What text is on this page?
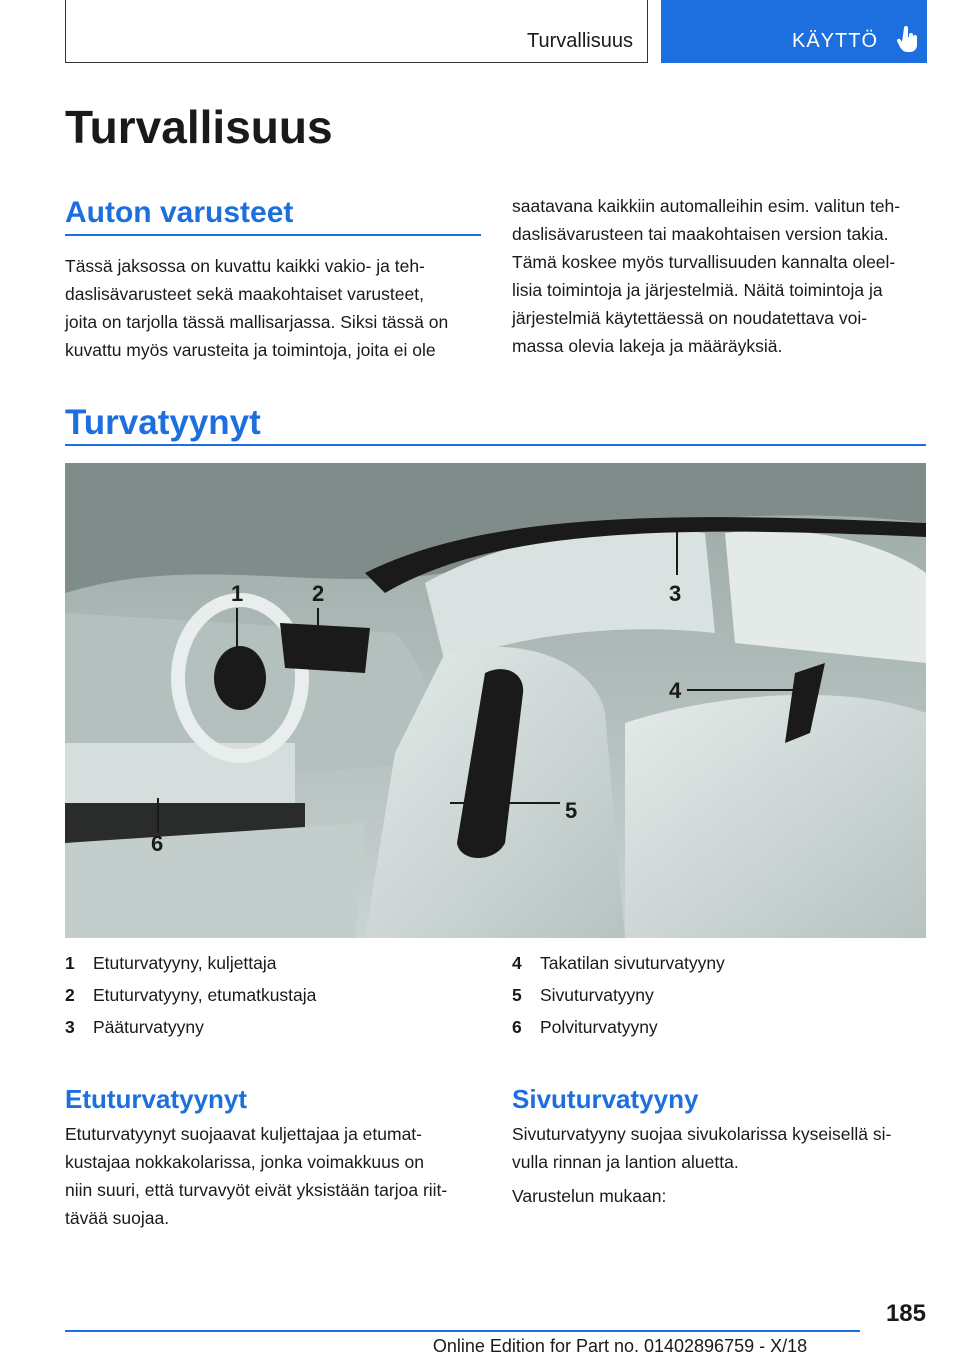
Turvallisuus	KÄYTTÖ
Turvallisuus
Auton varusteet
Tässä jaksossa on kuvattu kaikki vakio- ja teh‐
daslisävarusteet sekä maakohtaiset varusteet,
joita on tarjolla tässä mallisarjassa. Siksi tässä on
kuvattu myös varusteita ja toimintoja, joita ei ole
saatavana kaikkiin automalleihin esim. valitun teh‐
daslisävarusteen tai maakohtaisen version takia.
Tämä koskee myös turvallisuuden kannalta oleel‐
lisia toimintoja ja järjestelmiä. Näitä toimintoja ja
järjestelmiä käytettäessä on noudatettava voi‐
massa olevia lakeja ja määräyksiä.
Turvatyynyt
1	2	3
4
5
6
1	Etuturvatyyny, kuljettaja
2	Etuturvatyyny, etumatkustaja
3	Pääturvatyyny
4	Takatilan sivuturvatyyny
5	Sivuturvatyyny
6	Polviturvatyyny
Etuturvatyynyt
Etuturvatyynyt suojaavat kuljettajaa ja etumat‐
kustajaa nokkakolarissa, jonka voimakkuus on
niin suuri, että turvavyöt eivät yksistään tarjoa riit‐
tävää suojaa.
Sivuturvatyyny
Sivuturvatyyny suojaa sivukolarissa kyseisellä si‐
vulla rinnan ja lantion aluetta.
Varustelun mukaan:
185
Online Edition for Part no. 01402896759 - X/18
